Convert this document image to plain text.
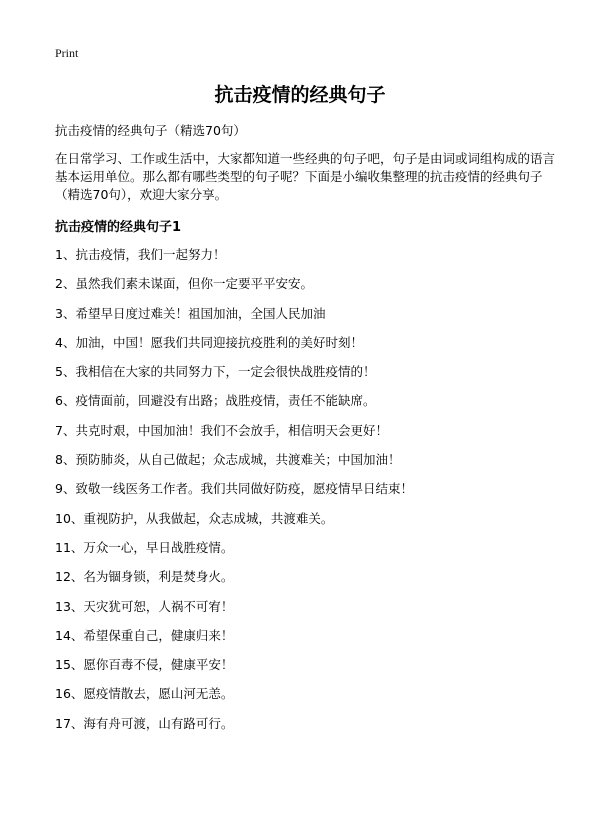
Print
抗击疫情的经典句子
抗击疫情的经典句子（精选70句）
在日常学习、工作或生活中，大家都知道一些经典的句子吧，句子是由词或词组构成的语言基本运用单位。那么都有哪些类型的句子呢？下面是小编收集整理的抗击疫情的经典句子（精选70句），欢迎大家分享。
抗击疫情的经典句子1
1、抗击疫情，我们一起努力！
2、虽然我们素未谋面，但你一定要平平安安。
3、希望早日度过难关！祖国加油，全国人民加油
4、加油，中国！愿我们共同迎接抗疫胜利的美好时刻！
5、我相信在大家的共同努力下，一定会很快战胜疫情的！
6、疫情面前，回避没有出路；战胜疫情，责任不能缺席。
7、共克时艰，中国加油！我们不会放手，相信明天会更好！
8、预防肺炎，从自己做起；众志成城，共渡难关；中国加油！
9、致敬一线医务工作者。我们共同做好防疫，愿疫情早日结束！
10、重视防护，从我做起，众志成城，共渡难关。
11、万众一心，早日战胜疫情。
12、名为锢身锁，利是焚身火。
13、天灾犹可恕，人祸不可宥！
14、希望保重自己，健康归来！
15、愿你百毒不侵，健康平安！
16、愿疫情散去，愿山河无恙。
17、海有舟可渡，山有路可行。
